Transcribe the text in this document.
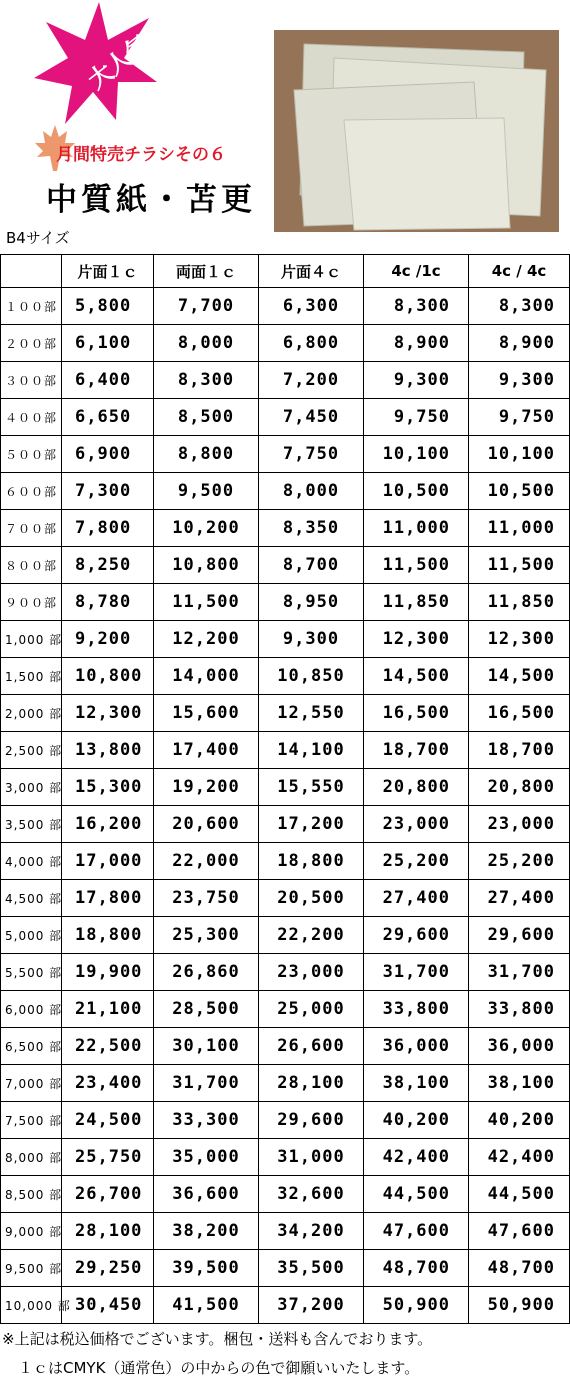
大人気
月間特売チラシその６
中質紙・苫更
B4サイズ
	片面１ｃ	両面１ｃ	片面４ｃ	4c /1c	4c / 4c
１００部	5,800	7,700	6,300	8,300	8,300
２００部	6,100	8,000	6,800	8,900	8,900
３００部	6,400	8,300	7,200	9,300	9,300
４００部	6,650	8,500	7,450	9,750	9,750
５００部	6,900	8,800	7,750	10,100	10,100
６００部	7,300	9,500	8,000	10,500	10,500
７００部	7,800	10,200	8,350	11,000	11,000
８００部	8,250	10,800	8,700	11,500	11,500
９００部	8,780	11,500	8,950	11,850	11,850
1,000 部	9,200	12,200	9,300	12,300	12,300
1,500 部	10,800	14,000	10,850	14,500	14,500
2,000 部	12,300	15,600	12,550	16,500	16,500
2,500 部	13,800	17,400	14,100	18,700	18,700
3,000 部	15,300	19,200	15,550	20,800	20,800
3,500 部	16,200	20,600	17,200	23,000	23,000
4,000 部	17,000	22,000	18,800	25,200	25,200
4,500 部	17,800	23,750	20,500	27,400	27,400
5,000 部	18,800	25,300	22,200	29,600	29,600
5,500 部	19,900	26,860	23,000	31,700	31,700
6,000 部	21,100	28,500	25,000	33,800	33,800
6,500 部	22,500	30,100	26,600	36,000	36,000
7,000 部	23,400	31,700	28,100	38,100	38,100
7,500 部	24,500	33,300	29,600	40,200	40,200
8,000 部	25,750	35,000	31,000	42,400	42,400
8,500 部	26,700	36,600	32,600	44,500	44,500
9,000 部	28,100	38,200	34,200	47,600	47,600
9,500 部	29,250	39,500	35,500	48,700	48,700
10,000 部	30,450	41,500	37,200	50,900	50,900
※上記は税込価格でございます。梱包・送料も含んでおります。
１ｃはCMYK（通常色）の中からの色で御願いいたします。
